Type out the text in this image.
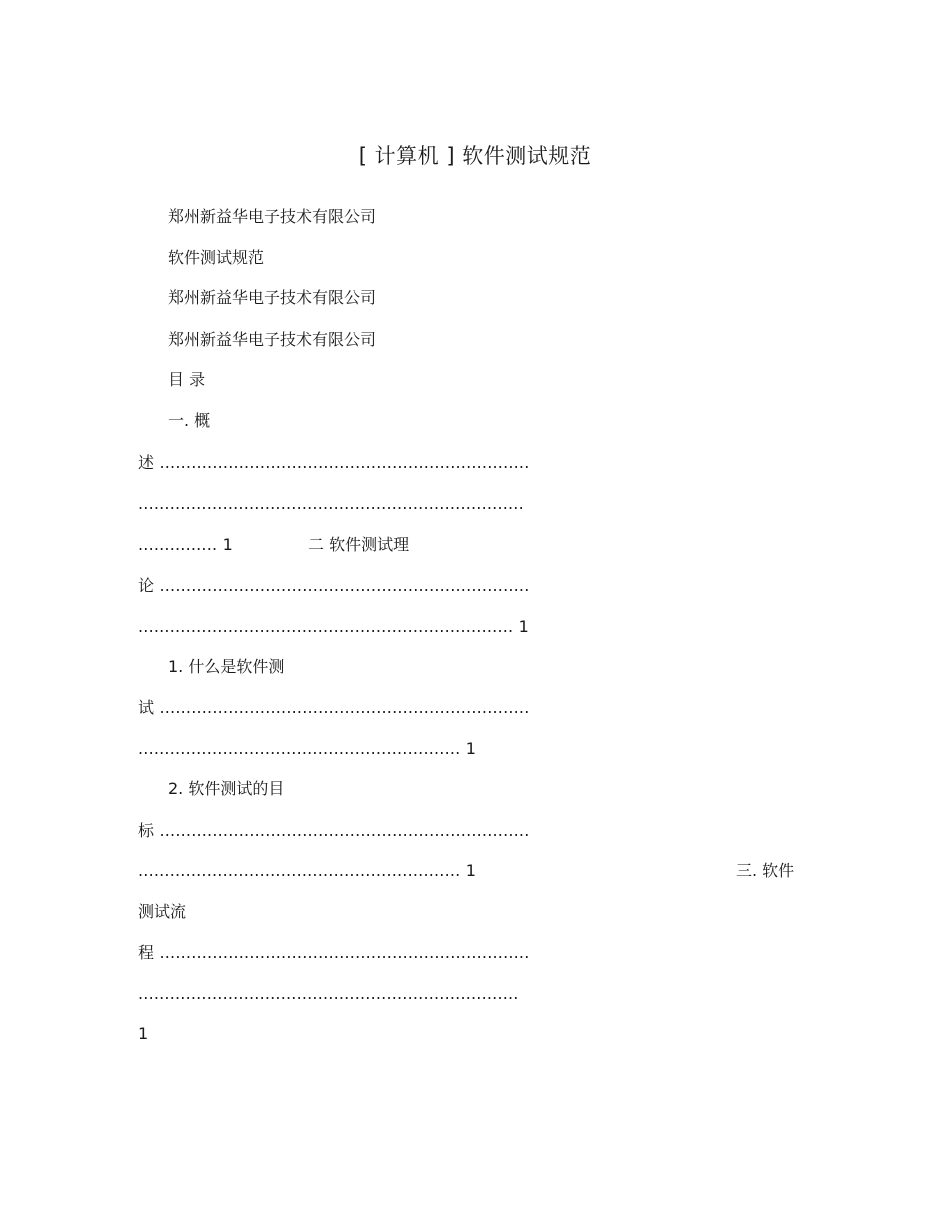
[ 计算机 ] 软件测试规范
郑州新益华电子技术有限公司
软件测试规范
郑州新益华电子技术有限公司
郑州新益华电子技术有限公司
目 录
一. 概
述 ......................................................................
.........................................................................
............... 1	二 软件测试理
论 ......................................................................
....................................................................... 1
1. 什么是软件测
试 ......................................................................
............................................................. 1
2. 软件测试的目
标 ......................................................................
............................................................. 1	三. 软件
测试流
程 ......................................................................
........................................................................
1
